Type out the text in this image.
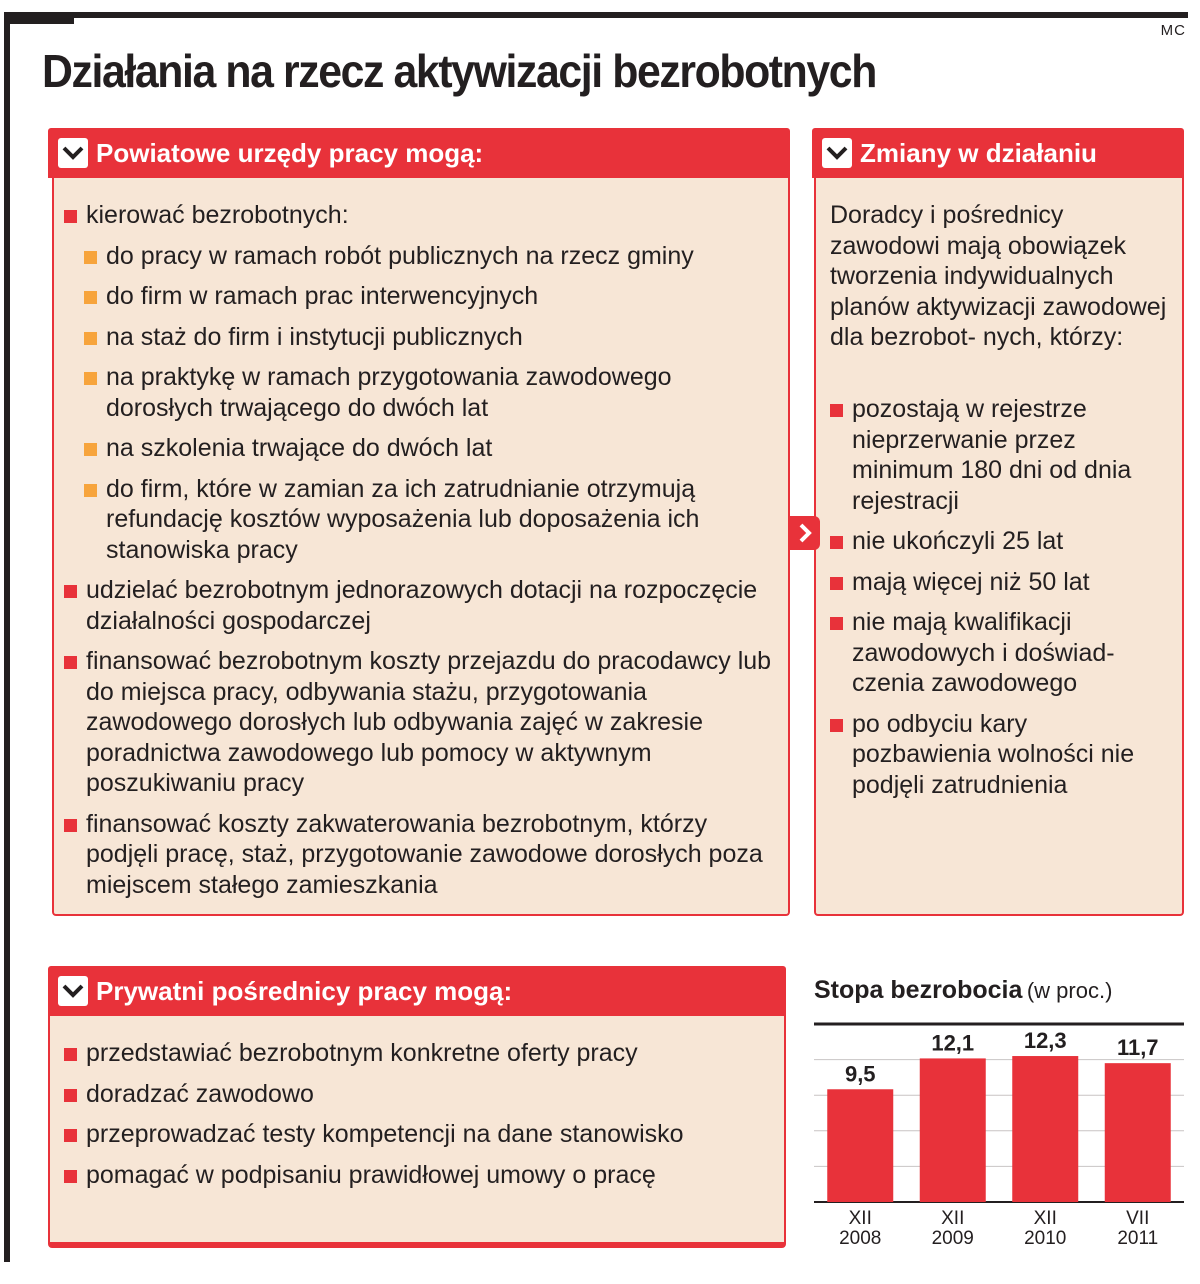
MC
Działania na rzecz aktywizacji bezrobotnych
Powiatowe urzędy pracy mogą:
kierować bezrobotnych:
do pracy w ramach robót publicznych na rzecz gminy
do firm w ramach prac interwencyjnych
na staż do firm i instytucji publicznych
na praktykę w ramach przygotowania zawodowego dorosłych trwającego do dwóch lat
na szkolenia trwające do dwóch lat
do firm, które w zamian za ich zatrudnianie otrzymują refundację kosztów wyposażenia lub doposażenia ich stanowiska pracy
udzielać bezrobotnym jednorazowych dotacji na rozpoczęcie działalności gospodarczej
finansować bezrobotnym koszty przejazdu do pracodawcy lub do miejsca pracy, odbywania stażu, przygotowania zawodowego dorosłych lub odbywania zajęć w zakresie poradnictwa zawodowego lub pomocy w aktywnym poszukiwaniu pracy
finansować koszty zakwaterowania bezrobotnym, którzy podjęli pracę, staż, przygotowanie zawodowe dorosłych poza miejscem stałego zamieszkania
Zmiany w działaniu
Doradcy i pośrednicy zawodowi mają obowiązek tworzenia indywidualnych planów aktywizacji zawodowej dla bezrobot- nych, którzy:
pozostają w rejestrze nieprzerwanie przez minimum 180 dni od dnia rejestracji
nie ukończyli 25 lat
mają więcej niż 50 lat
nie mają kwalifikacji zawodowych i doświad- czenia zawodowego
po odbyciu kary pozbawienia wolności nie podjęli zatrudnienia
Prywatni pośrednicy pracy mogą:
przedstawiać bezrobotnym konkretne oferty pracy
doradzać zawodowo
przeprowadzać testy kompetencji na dane stanowisko
pomagać w podpisaniu prawidłowej umowy o pracę
Stopa bezrobocia (w proc.)
9,5
XII
2008
12,1
XII
2009
12,3
XII
2010
11,7
VII
2011
